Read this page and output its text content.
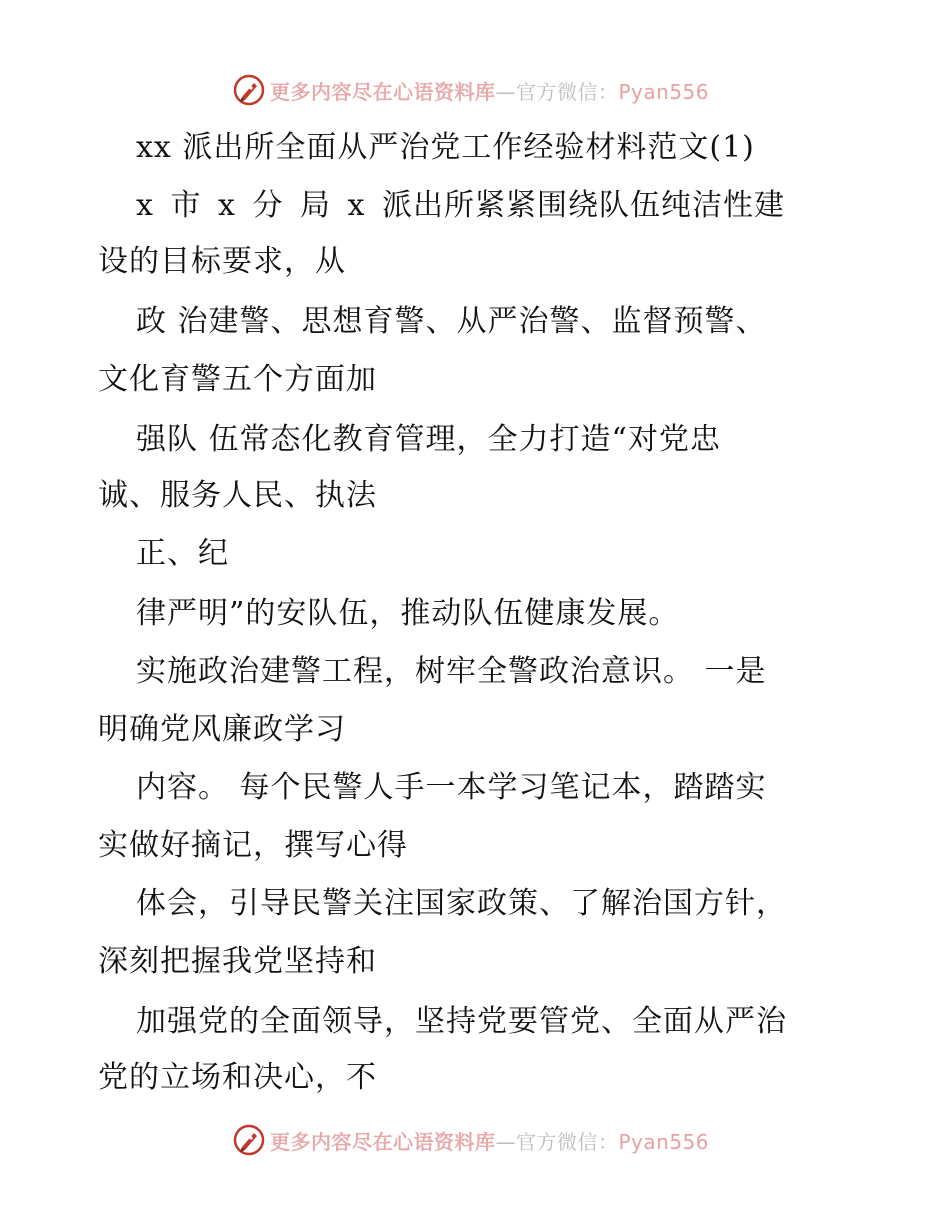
更多内容尽在心语资料库—官方微信：Pyan556
xx 派出所全面从严治党工作经验材料范文(1)
x 市 x 分 局 x 派出所紧紧围绕队伍纯洁性建
设的目标要求，从
政 治建警、思想育警、从严治警、监督预警、
文化育警五个方面加
强队 伍常态化教育管理，全力打造“对党忠
诚、服务人民、执法
正、纪
律严明”的安队伍，推动队伍健康发展。
实施政治建警工程，树牢全警政治意识。 一是
明确党风廉政学习
内容。 每个民警人手一本学习笔记本，踏踏实
实做好摘记，撰写心得
体会，引导民警关注国家政策、了解治国方针，
深刻把握我党坚持和
加强党的全面领导，坚持党要管党、全面从严治
党的立场和决心，不
更多内容尽在心语资料库—官方微信：Pyan556
